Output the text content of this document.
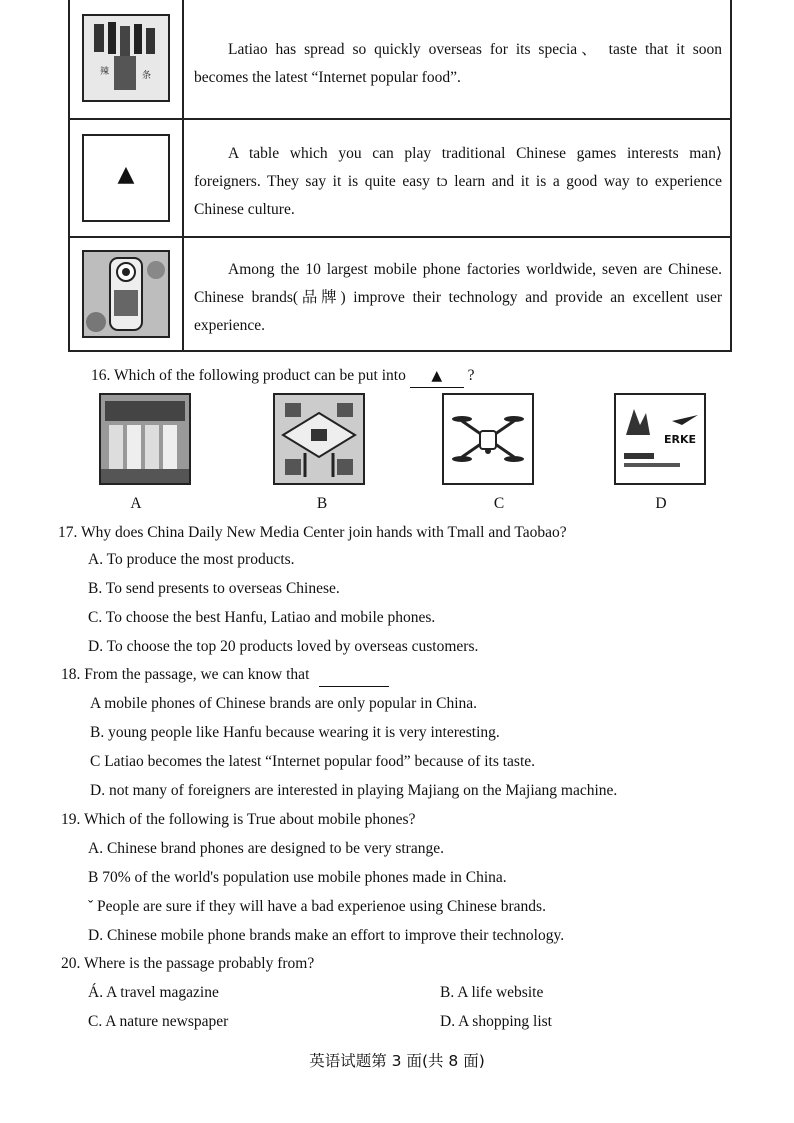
辣	条
Latiao has spread so quickly overseas for its specia、 taste that it soon becomes the latest “Internet popular food”.
▲
A table which you can play traditional Chinese games interests man⟩ foreigners. They say it is quite easy tɔ learn and it is a good way to experience Chineѕe culture.
Among the 10 largest mobile phone factories worldwide, seven are Chinese. Chinese brands(品牌) improve their technology and provide an excellent user experience.
16. Which of the following product can be put into ▲ ?
ERKE
A	B	C	D
17. Why does China Daily New Media Center join hands with Tmall and Taobao?
A. To produce the most products.
B. To send presents to overseas Chinese.
C. To choose the best Hanfu, Latiao and mobile phones.
D. To choose the top 20 products loved by overseas customers.
18. From the passage, we can know that
A mobile phones of Chinese brands are only popular in China.
B. young people like Hanfu because wearing it is very interesting.
C Latiao becomes the latest “Internet popular food” because of its taste.
D. not many of foreigners are interested in playing Majiang on the Majiang machine.
19. Which of the following is True about mobile phones?
A. Chinese brand phones are designed to be very strange.
B 70% of the world's population use mobile phones made in China.
ˇ People are sure if they will have a bad experienoe using Chinese brands.
D. Chinese mobile phone brands make an effort to improve their technology.
20. Where is the passage probably from?
Á. A travel magazine	B. A life website
C. A nature newspaper	D. A shopping list
英语试题第 3 面(共 8 面)
